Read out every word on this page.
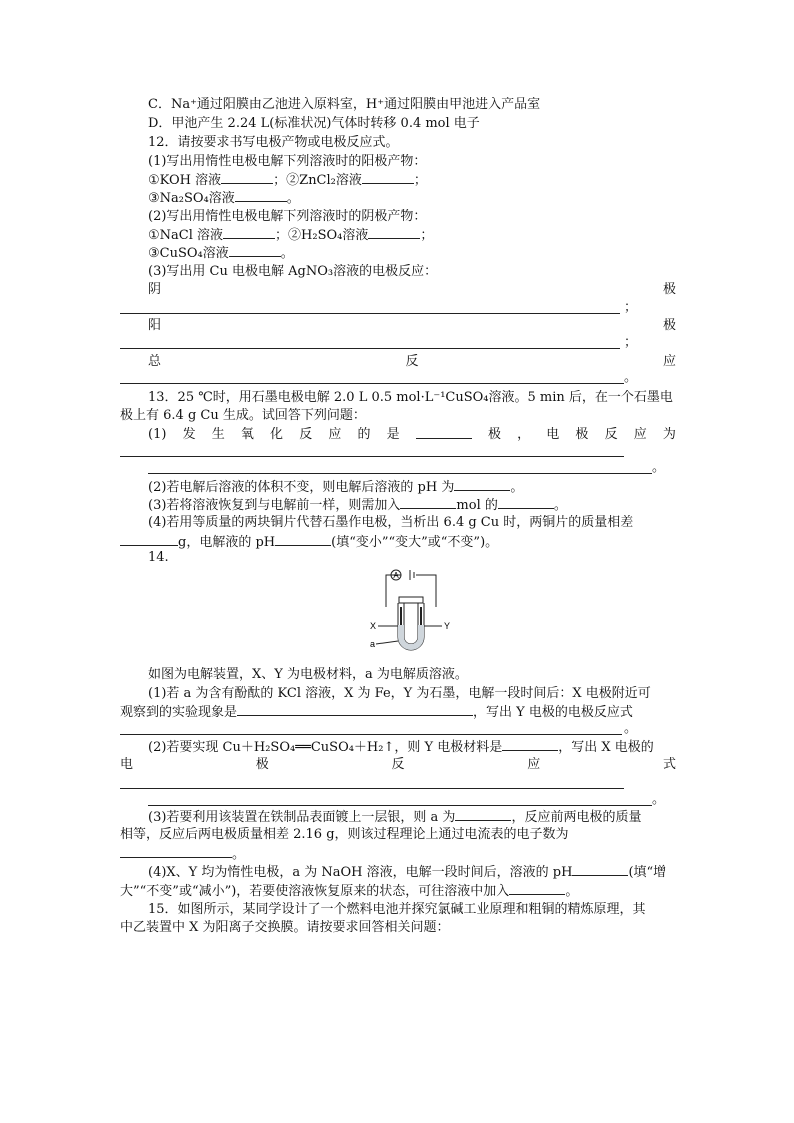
C．Na⁺通过阳膜由乙池进入原料室，H⁺通过阳膜由甲池进入产品室
D．甲池产生 2.24 L(标准状况)气体时转移 0.4 mol 电子
12．请按要求书写电极产物或电极反应式。
(1)写出用惰性电极电解下列溶液时的阳极产物：
①KOH 溶液	；②ZnCl₂溶液	；
③Na₂SO₄溶液	。
(2)写出用惰性电极电解下列溶液时的阴极产物：
①NaCl 溶液	；②H₂SO₄溶液	；
③CuSO₄溶液	。
(3)写出用 Cu 电极电解 AgNO₃溶液的电极反应：
阴	极
；
阳	极
；
总	反	应
。
13．25 ℃时，用石墨电极电解 2.0 L 0.5 mol·L⁻¹CuSO₄溶液。5 min 后，在一个石墨电
极上有 6.4 g Cu 生成。试回答下列问题：
(1) 发 生 氧 化 反 应 的 是	极 ， 电 极 反 应 为
。
(2)若电解后溶液的体积不变，则电解后溶液的 pH 为	。
(3)若将溶液恢复到与电解前一样，则需加入	mol 的	。
(4)若用等质量的两块铜片代替石墨作电极，当析出 6.4 g Cu 时，两铜片的质量相差
g，电解液的 pH	(填“变小”“变大”或“不变”)。
14.
A
X	Y
a
如图为电解装置，X、Y 为电极材料，a 为电解质溶液。
(1)若 a 为含有酚酞的 KCl 溶液，X 为 Fe，Y 为石墨，电解一段时间后：X 电极附近可
观察到的实验现象是	，写出 Y 电极的电极反应式
。
(2)若要实现 Cu＋H₂SO₄══CuSO₄＋H₂↑，则 Y 电极材料是	，写出 X 电极的
电	极	反	应	式
。
(3)若要利用该装置在铁制品表面镀上一层银，则 a 为	，反应前两电极的质量
相等，反应后两电极质量相差 2.16 g，则该过程理论上通过电流表的电子数为
。
(4)X、Y 均为惰性电极，a 为 NaOH 溶液，电解一段时间后，溶液的 pH	(填“增
大”“不变”或“减小”)，若要使溶液恢复原来的状态，可往溶液中加入	。
15．如图所示，某同学设计了一个燃料电池并探究氯碱工业原理和粗铜的精炼原理，其
中乙装置中 X 为阳离子交换膜。请按要求回答相关问题：
